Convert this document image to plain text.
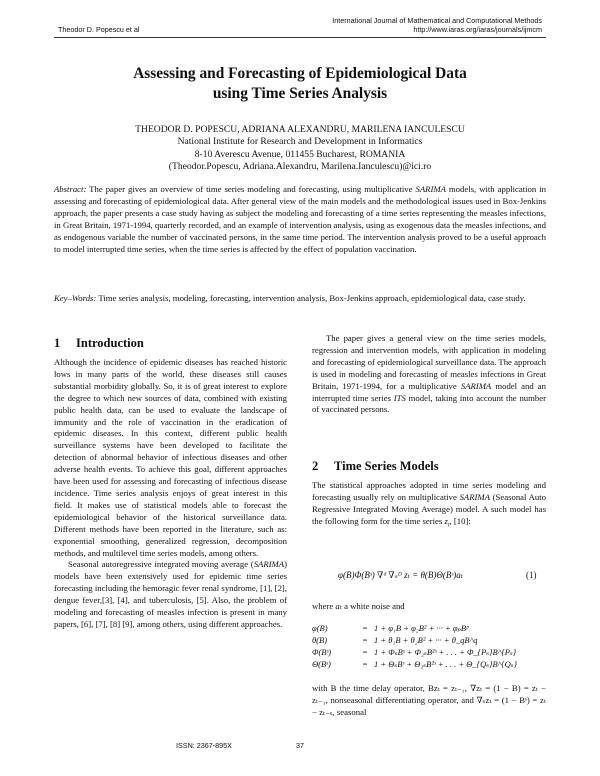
Theodor D. Popescu et al
International Journal of Mathematical and Computational Methods
http://www.iaras.org/iaras/journals/ijmcm
Assessing and Forecasting of Epidemiological Data
using Time Series Analysis
THEODOR D. POPESCU, ADRIANA ALEXANDRU, MARILENA IANCULESCU
National Institute for Research and Development in Informatics
8-10 Averescu Avenue, 011455 Bucharest, ROMANIA
(Theodor.Popescu, Adriana.Alexandru, Marilena.Ianculescu)@ici.ro
Abstract: The paper gives an overview of time series modeling and forecasting, using multiplicative SARIMA models, with application in assessing and forecasting of epidemiological data. After general view of the main models and the methodological issues used in Box-Jenkins approach, the paper presents a case study having as subject the modeling and forecasting of a time series representing the measles infections, in Great Britain, 1971-1994, quarterly recorded, and an example of intervention analysis, using as exogenous data the measles infections, and as endogenous variable the number of vaccinated persons, in the same time period. The intervention analysis proved to be a useful approach to model interrupted time series, when the time series is affected by the effect of population vaccination.
Key–Words: Time series analysis, modeling, forecasting, intervention analysis, Box-Jenkins approach, epidemiological data, case study.
1 Introduction

Although the incidence of epidemic diseases has reached historic lows in many parts of the world, these diseases still causes substantial morbidity globally. So, it is of great interest to explore the degree to which new sources of data, combined with existing public health data, can be used to evaluate the landscape of immunity and the role of vaccination in the eradication of epidemic diseases. In this context, different public health surveillance systems have been developed to facilitate the detection of abnormal behavior of infectious diseases and other adverse health events. To achieve this goal, different approaches have been used for assessing and forecasting of infectious disease incidence. Time series analysis enjoys of great interest in this field. It makes use of statistical models able to forecast the epidemiological behavior of the historical surveillance data. Different methods have been reported in the literature, such as: exponential smoothing, generalized regression, decomposition methods, and multilevel time series models, among others.

Seasonal autoregressive integrated moving average (SARIMA) models have been extensively used for epidemic time series forecasting including the hemoragic fever renal syndrome, [1], [2], dengue fever,[3], [4], and tuberculosis, [5]. Also, the problem of modeling and forecasting of measles infection is present in many papers, [6], [7], [8] [9], among others, using different approaches.

The paper gives a general view on the time series models, regression and intervention models, with application in modeling and forecasting of epidemiological surveillance data. The approach is used in modeling and forecasting of measles infections in Great Britain, 1971-1994, for a multiplicative SARIMA model and an interrupted time series ITS model, taking into account the number of vaccinated persons.

2 Time Series Models

The statistical approaches adopted in time series modeling and forecasting usually rely on multiplicative SARIMA (Seasonal Auto Regressive Integrated Moving Average) model. A such model has the following form for the time series $z_t$, [10]:

φ(B)Φ(Bˢ) ∇ᵈ ∇ₛᴰ zₜ = θ(B)Θ(Bˢ)aₜ	(1)
where aₜ a white noise and
φ(B)	= 1 + φ₁B + φ₂B² + ··· + φₚBᵖ
θ(B)	= 1 + θ₁B + θ₂B² + ··· + θ_qB^q
Φ(Bˢ)	= 1 + ΦₛBˢ + Φ₂ₛB²ˢ + . . . + Φ_{Pₛ}B^{Pₛ}
Θ(Bˢ)	= 1 + ΘₛBˢ + Θ₂ₛB²ˢ + . . . + Θ_{Qₛ}B^{Qₛ}
with B the time delay operator, Bzₜ = zₜ₋₁, ∇zₜ = (1 − B) = zₜ − zₜ₋₁, nonseasonal differentiating operator, and ∇ₛzₜ = (1 − Bˢ) = zₜ − zₜ₋ₛ, seasonal
ISSN: 2367-895X	37
